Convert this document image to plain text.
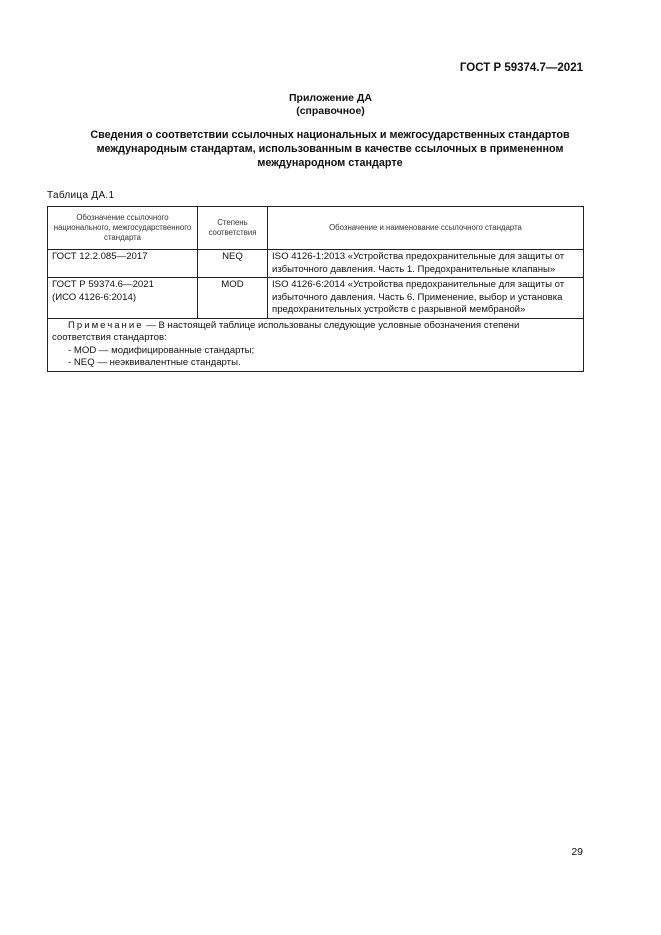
ГОСТ Р 59374.7—2021
Приложение ДА
(справочное)
Сведения о соответствии ссылочных национальных и межгосударственных стандартов
международным стандартам, использованным в качестве ссылочных в примененном
международном стандарте
Таблица ДА.1
Обозначение ссылочного национального, межгосударственного стандарта	Степень соответствия	Обозначение и наименование ссылочного стандарта

ГОСТ 12.2.085—2017	NEQ	ISO 4126-1:2013 «Устройства предохранительные для защиты от избыточного давления. Часть 1. Предохранительные клапаны»

ГОСТ Р 59374.6—2021
(ИСО 4126-6:2014)	MOD	ISO 4126-6:2014 «Устройства предохранительные для защиты от избыточного давления. Часть 6. Применение, выбор и установка предохранительных устройств с разрывной мембраной»

Примечание — В настоящей таблице использованы следующие условные обозначения степени соответствия стандартов:
- MOD — модифицированные стандарты;
- NEQ — неэквивалентные стандарты.		
29
